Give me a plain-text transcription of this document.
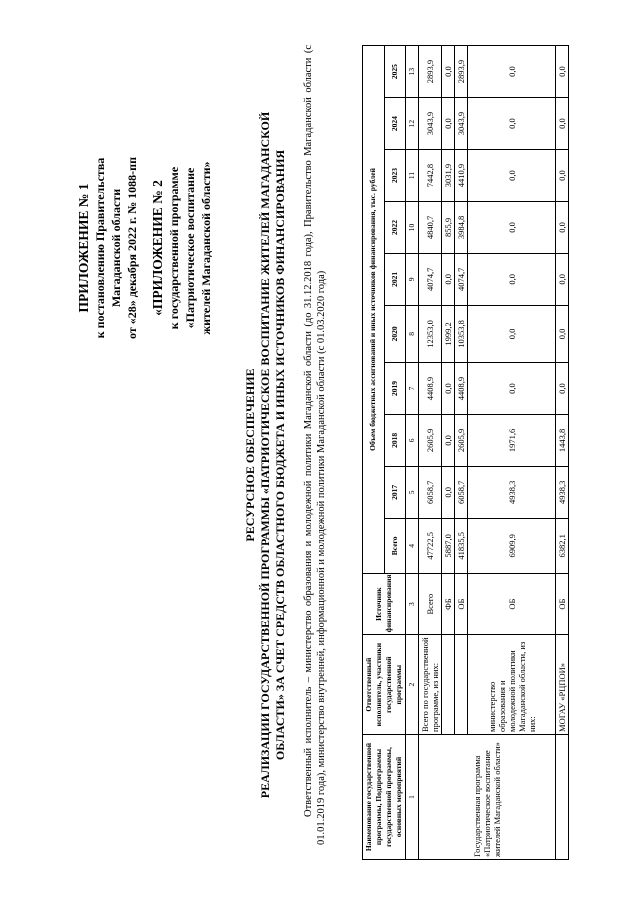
ПРИЛОЖЕНИЕ № 1 к постановлению Правительства Магаданской области от «28» декабря 2022 г. № 1088-пп «ПРИЛОЖЕНИЕ № 2 к государственной программе «Патриотическое воспитание жителей Магаданской области»
РЕСУРСНОЕ ОБЕСПЕЧЕНИЕ РЕАЛИЗАЦИИ ГОСУДАРСТВЕННОЙ ПРОГРАММЫ «ПАТРИОТИЧЕСКОЕ ВОСПИТАНИЕ ЖИТЕЛЕЙ МАГАДАНСКОЙ ОБЛАСТИ» ЗА СЧЕТ СРЕДСТВ ОБЛАСТНОГО БЮДЖЕТА И ИНЫХ ИСТОЧНИКОВ ФИНАНСИРОВАНИЯ Ответственный исполнитель – министерство образования и молодежной политики Магаданской области (до 31.12.2018 года), Правительство Магаданской области (с 01.01.2019 года), министерство внутренней, информационной и молодежной политики Магаданской области (с 01.03.2020 года)	Наименование государственной программы, Подпрограммы государственной программы, основных мероприятий	Ответственный исполнитель, участники государственной программы	Источник финансирования	Объем бюджетных ассигнований и иных источников финансирования, тыс. рублей									
			Всего	2017	2018	2019	2020	2021	2022	2023	2024	2025
1	2	3	4	5	6	7	8	9	10	11	12	13
Государственная программа «Патриотическое воспитание жителей Магаданской области»	Всего по государственной программе, из них:	Всего	47722,5	6058,7	2605,9	4408,9	12353,0	4074,7	4840,7	7442,8	3043,9	2893,9
		ФБ	5887,0	0,0	0,0	0,0	1999,2	0,0	855,9	3031,9	0,0	0,0
		ОБ	41835,5	6058,7	2605,9	4408,9	10353,8	4074,7	3984,8	4410,9	3043,9	2893,9
	министерство образования и молодежной политики Магаданской области, из них:	ОБ	6909,9	4938,3	1971,6	0,0	0,0	0,0	0,0	0,0	0,0	0,0
	МОГАУ «РЦПОИ»	ОБ	6382,1	4938,3	1443,8	0,0	0,0	0,0	0,0	0,0	0,0	0,0
